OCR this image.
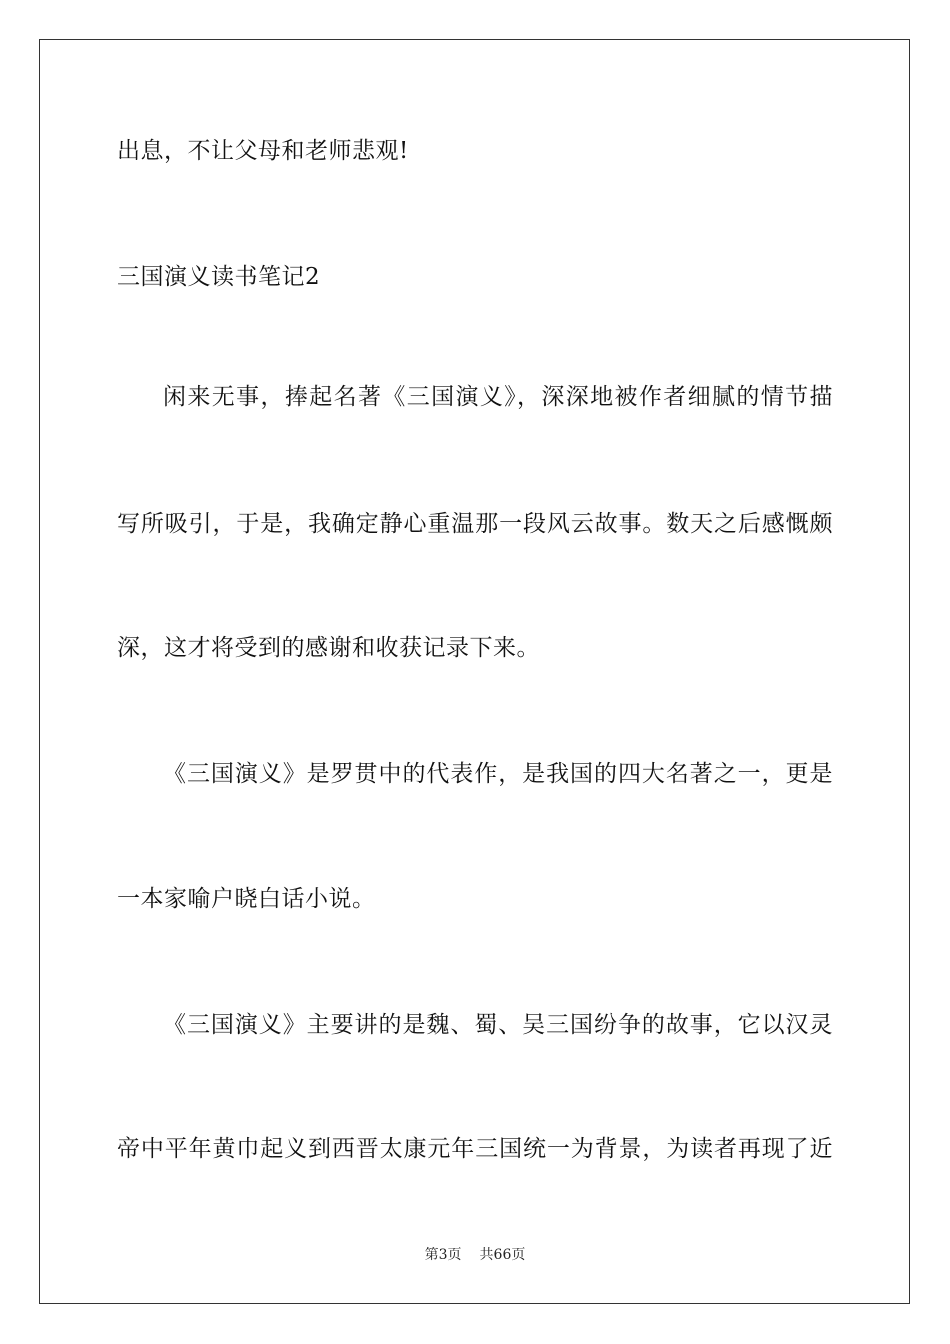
出息，不让父母和老师悲观!
三国演义读书笔记2
闲来无事，捧起名著《三国演义》，深深地被作者细腻的情节描
写所吸引，于是，我确定静心重温那一段风云故事。数天之后感慨颇
深，这才将受到的感谢和收获记录下来。
《三国演义》是罗贯中的代表作，是我国的四大名著之一，更是
一本家喻户晓白话小说。
《三国演义》主要讲的是魏、蜀、吴三国纷争的故事，它以汉灵
帝中平年黄巾起义到西晋太康元年三国统一为背景，为读者再现了近
第3页 共66页
